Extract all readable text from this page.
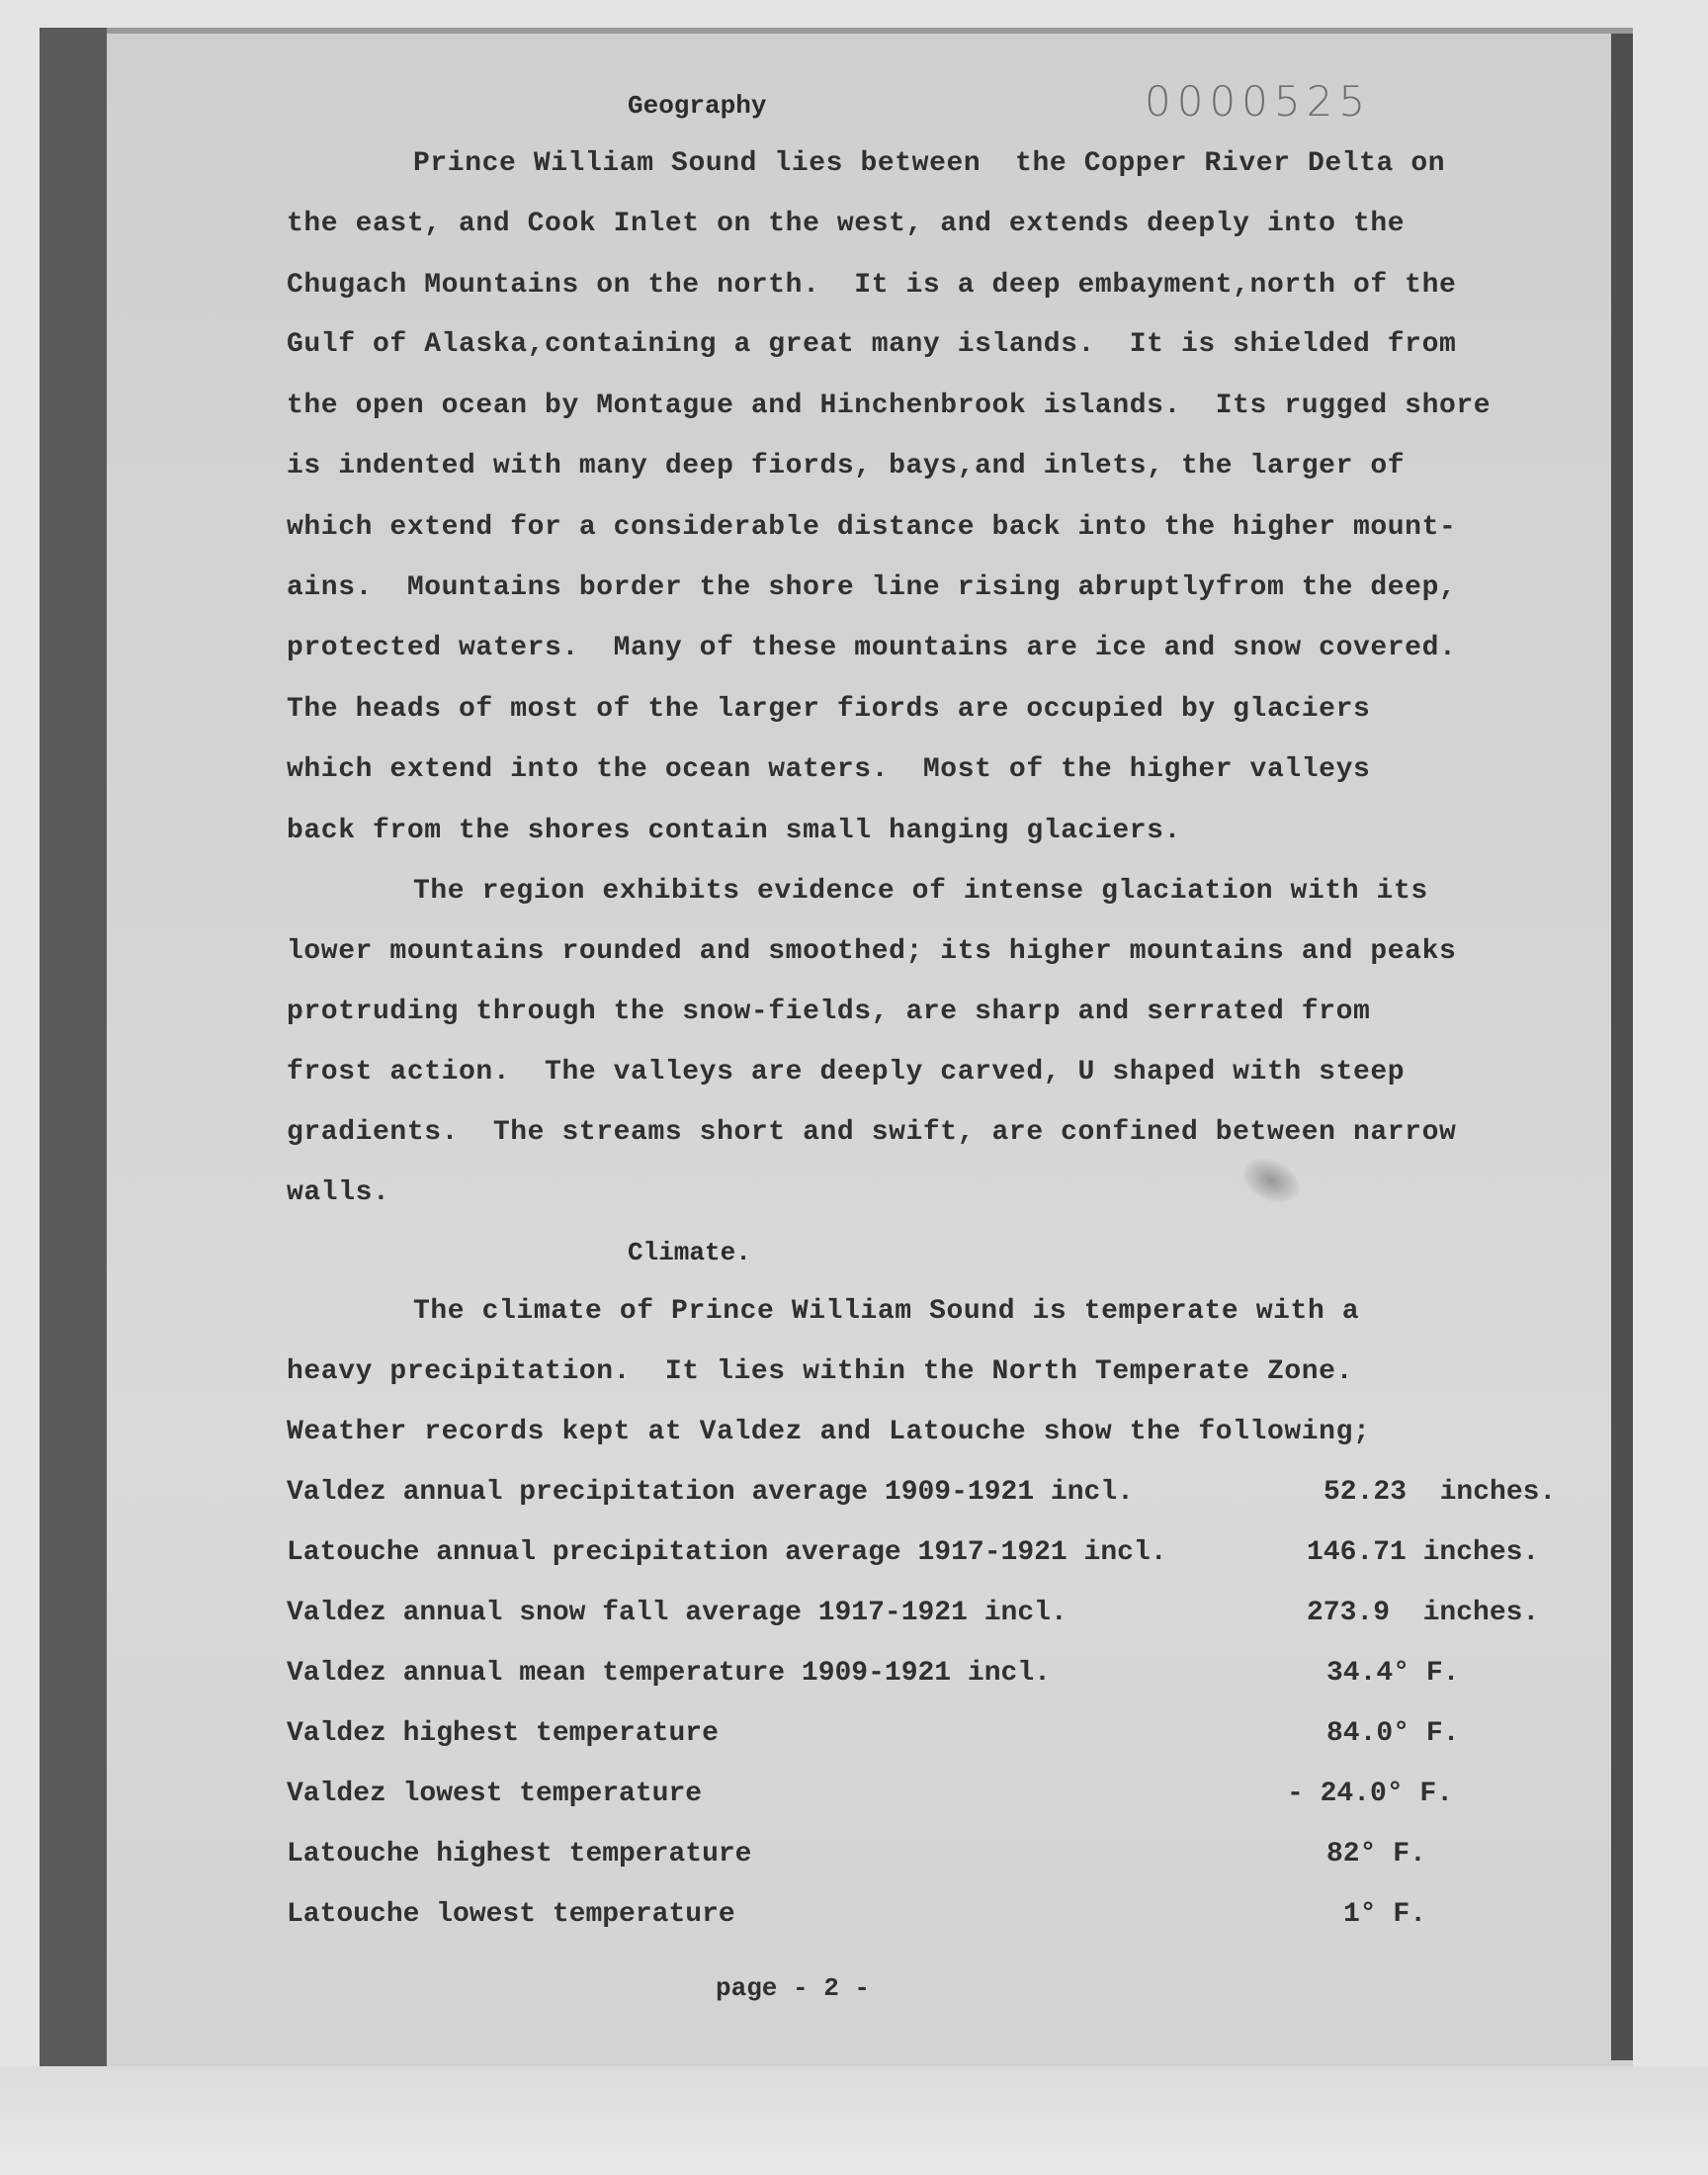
0000525
Geography
Prince William Sound lies between  the Copper River Delta on
the east, and Cook Inlet on the west, and extends deeply into the
Chugach Mountains on the north.  It is a deep embayment,north of the
Gulf of Alaska,containing a great many islands.  It is shielded from
the open ocean by Montague and Hinchenbrook islands.  Its rugged shore
is indented with many deep fiords, bays,and inlets, the larger of
which extend for a considerable distance back into the higher mount-
ains.  Mountains border the shore line rising abruptlyfrom the deep,
protected waters.  Many of these mountains are ice and snow covered.
The heads of most of the larger fiords are occupied by glaciers
which extend into the ocean waters.  Most of the higher valleys
back from the shores contain small hanging glaciers.
The region exhibits evidence of intense glaciation with its
lower mountains rounded and smoothed; its higher mountains and peaks
protruding through the snow-fields, are sharp and serrated from
frost action.  The valleys are deeply carved, U shaped with steep
gradients.  The streams short and swift, are confined between narrow
walls.
Climate.
The climate of Prince William Sound is temperate with a
heavy precipitation.  It lies within the North Temperate Zone.
Weather records kept at Valdez and Latouche show the following;

Valdez annual precipitation average 1909-1921 incl.

	52.23  inches.

Latouche annual precipitation average 1917-1921 incl.

	146.71 inches.

Valdez annual snow fall average 1917-1921 incl.

	273.9  inches.

Valdez annual mean temperature 1909-1921 incl.

	34.4° F.

Valdez highest temperature

	84.0° F.

Valdez lowest temperature

	- 24.0° F.

Latouche highest temperature

	82° F.

Latouche lowest temperature

	1° F.

page - 2 -
